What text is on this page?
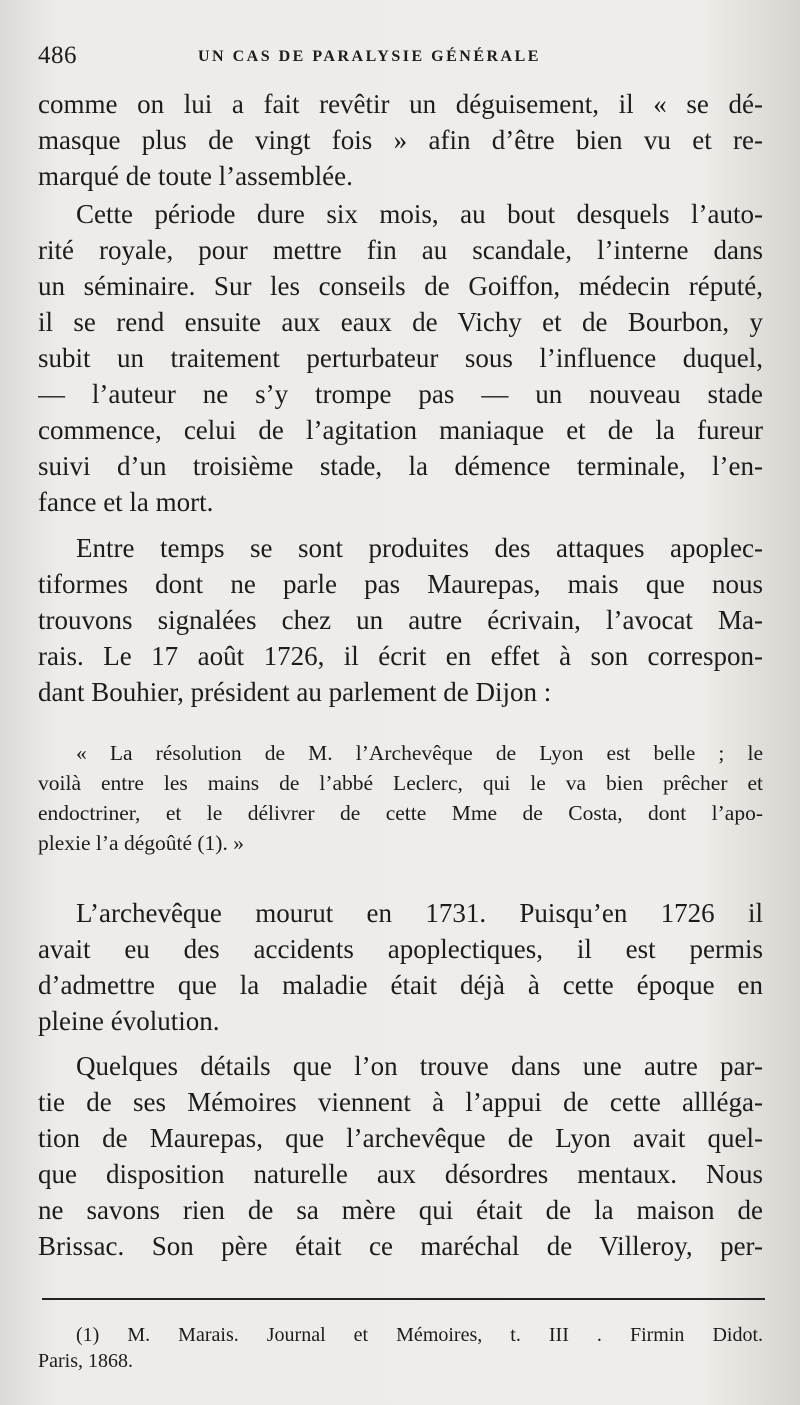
486	UN CAS DE PARALYSIE GÉNÉRALE
comme on lui a fait revêtir un déguisement, il « se dé-
masque plus de vingt fois » afin d’être bien vu et re-
marqué de toute l’assemblée.
Cette période dure six mois, au bout desquels l’auto-
rité royale, pour mettre fin au scandale, l’interne dans
un séminaire. Sur les conseils de Goiffon, médecin réputé,
il se rend ensuite aux eaux de Vichy et de Bourbon, y
subit un traitement perturbateur sous l’influence duquel,
— l’auteur ne s’y trompe pas — un nouveau stade
commence, celui de l’agitation maniaque et de la fureur
suivi d’un troisième stade, la démence terminale, l’en-
fance et la mort.
Entre temps se sont produites des attaques apoplec-
tiformes dont ne parle pas Maurepas, mais que nous
trouvons signalées chez un autre écrivain, l’avocat Ma-
rais. Le 17 août 1726, il écrit en effet à son correspon-
dant Bouhier, président au parlement de Dijon :
« La résolution de M. l’Archevêque de Lyon est belle ; le
voilà entre les mains de l’abbé Leclerc, qui le va bien prêcher et
endoctriner, et le délivrer de cette Mme de Costa, dont l’apo-
plexie l’a dégoûté (1). »
L’archevêque mourut en 1731. Puisqu’en 1726 il
avait eu des accidents apoplectiques, il est permis
d’admettre que la maladie était déjà à cette époque en
pleine évolution.
Quelques détails que l’on trouve dans une autre par-
tie de ses Mémoires viennent à l’appui de cette allléga-
tion de Maurepas, que l’archevêque de Lyon avait quel-
que disposition naturelle aux désordres mentaux. Nous
ne savons rien de sa mère qui était de la maison de
Brissac. Son père était ce maréchal de Villeroy, per-
(1) M. Marais. Journal et Mémoires, t. III . Firmin Didot.
Paris, 1868.
